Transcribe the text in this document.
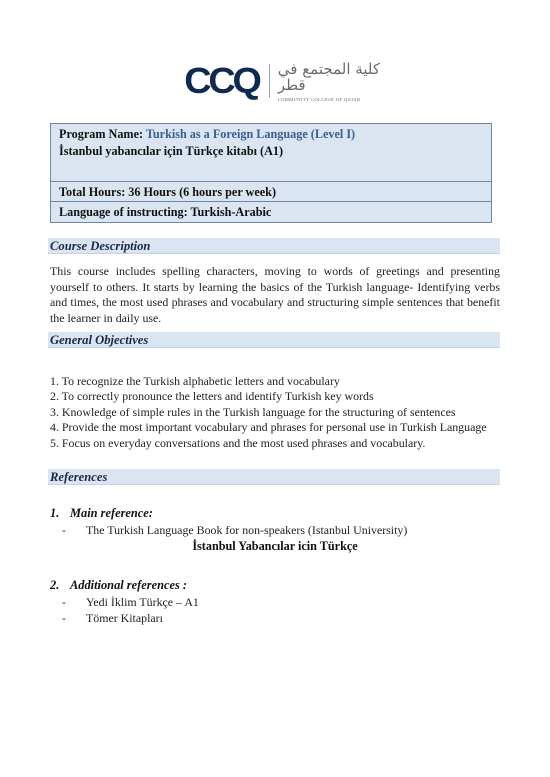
CCQ كلية المجتمع في قطر
COMMUNITY COLLEGE OF QATAR
Program Name: Turkish as a Foreign Language (Level I)
İstanbul yabancılar için Türkçe kitabı (A1)
Total Hours: 36 Hours (6 hours per week)
Language of instructing: Turkish-Arabic
Course Description
This course includes spelling characters, moving to words of greetings and presenting yourself to others. It starts by learning the basics of the Turkish language- Identifying verbs and times, the most used phrases and vocabulary and structuring simple sentences that benefit the learner in daily use.
General Objectives
1. To recognize the Turkish alphabetic letters and vocabulary
2. To correctly pronounce the letters and identify Turkish key words
3. Knowledge of simple rules in the Turkish language for the structuring of sentences
4. Provide the most important vocabulary and phrases for personal use in Turkish Language
5. Focus on everyday conversations and the most used phrases and vocabulary.
References
1. Main reference:
- The Turkish Language Book for non-speakers (Istanbul University)
İstanbul Yabancılar icin Türkçe
2. Additional references :
- Yedi İklim Türkçe – A1
- Tömer Kitapları
